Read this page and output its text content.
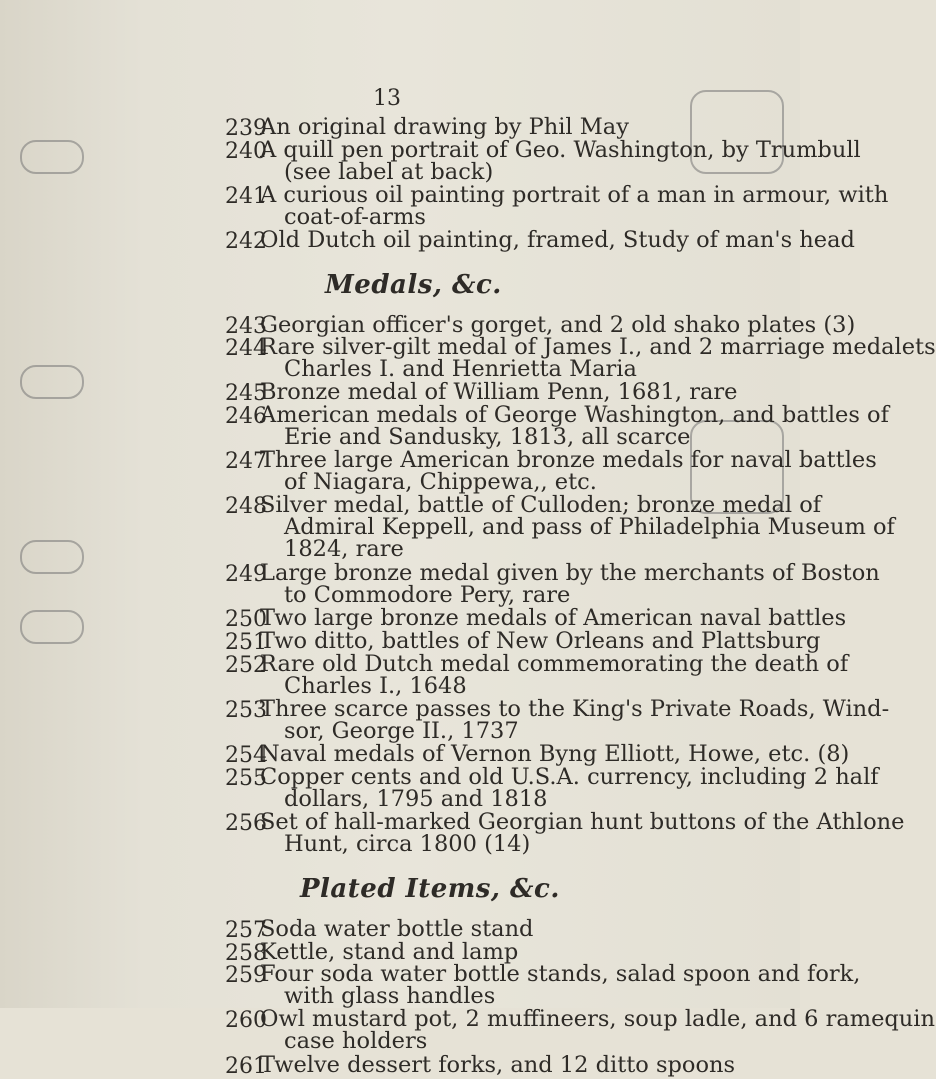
13
239
An original drawing by Phil May
240
A quill pen portrait of Geo. Washington, by Trumbull
(see label at back)
241
A curious oil painting portrait of a man in armour, with
coat-of-arms
242
Old Dutch oil painting, framed, Study of man's head
Medals, &c.
243
Georgian officer's gorget, and 2 old shako plates (3)
244
Rare silver-gilt medal of James I., and 2 marriage medalets
Charles I. and Henrietta Maria
245
Bronze medal of William Penn, 1681, rare
246
American medals of George Washington, and battles of
Erie and Sandusky, 1813, all scarce
247
Three large American bronze medals for naval battles
of Niagara, Chippewa,, etc.
248
Silver medal, battle of Culloden; bronze medal of
Admiral Keppell, and pass of Philadelphia Museum of
1824, rare
249
Large bronze medal given by the merchants of Boston
to Commodore Pery, rare
250
Two large bronze medals of American naval battles
251
Two ditto, battles of New Orleans and Plattsburg
252
Rare old Dutch medal commemorating the death of
Charles I., 1648
253
Three scarce passes to the King's Private Roads, Wind-
sor, George II., 1737
254
Naval medals of Vernon Byng Elliott, Howe, etc. (8)
255
Copper cents and old U.S.A. currency, including 2 half
dollars, 1795 and 1818
256
Set of hall-marked Georgian hunt buttons of the Athlone
Hunt, circa 1800 (14)
Plated Items, &c.
257
Soda water bottle stand
258
Kettle, stand and lamp
259
Four soda water bottle stands, salad spoon and fork,
with glass handles
260
Owl mustard pot, 2 muffineers, soup ladle, and 6 ramequin
case holders
261
Twelve dessert forks, and 12 ditto spoons
